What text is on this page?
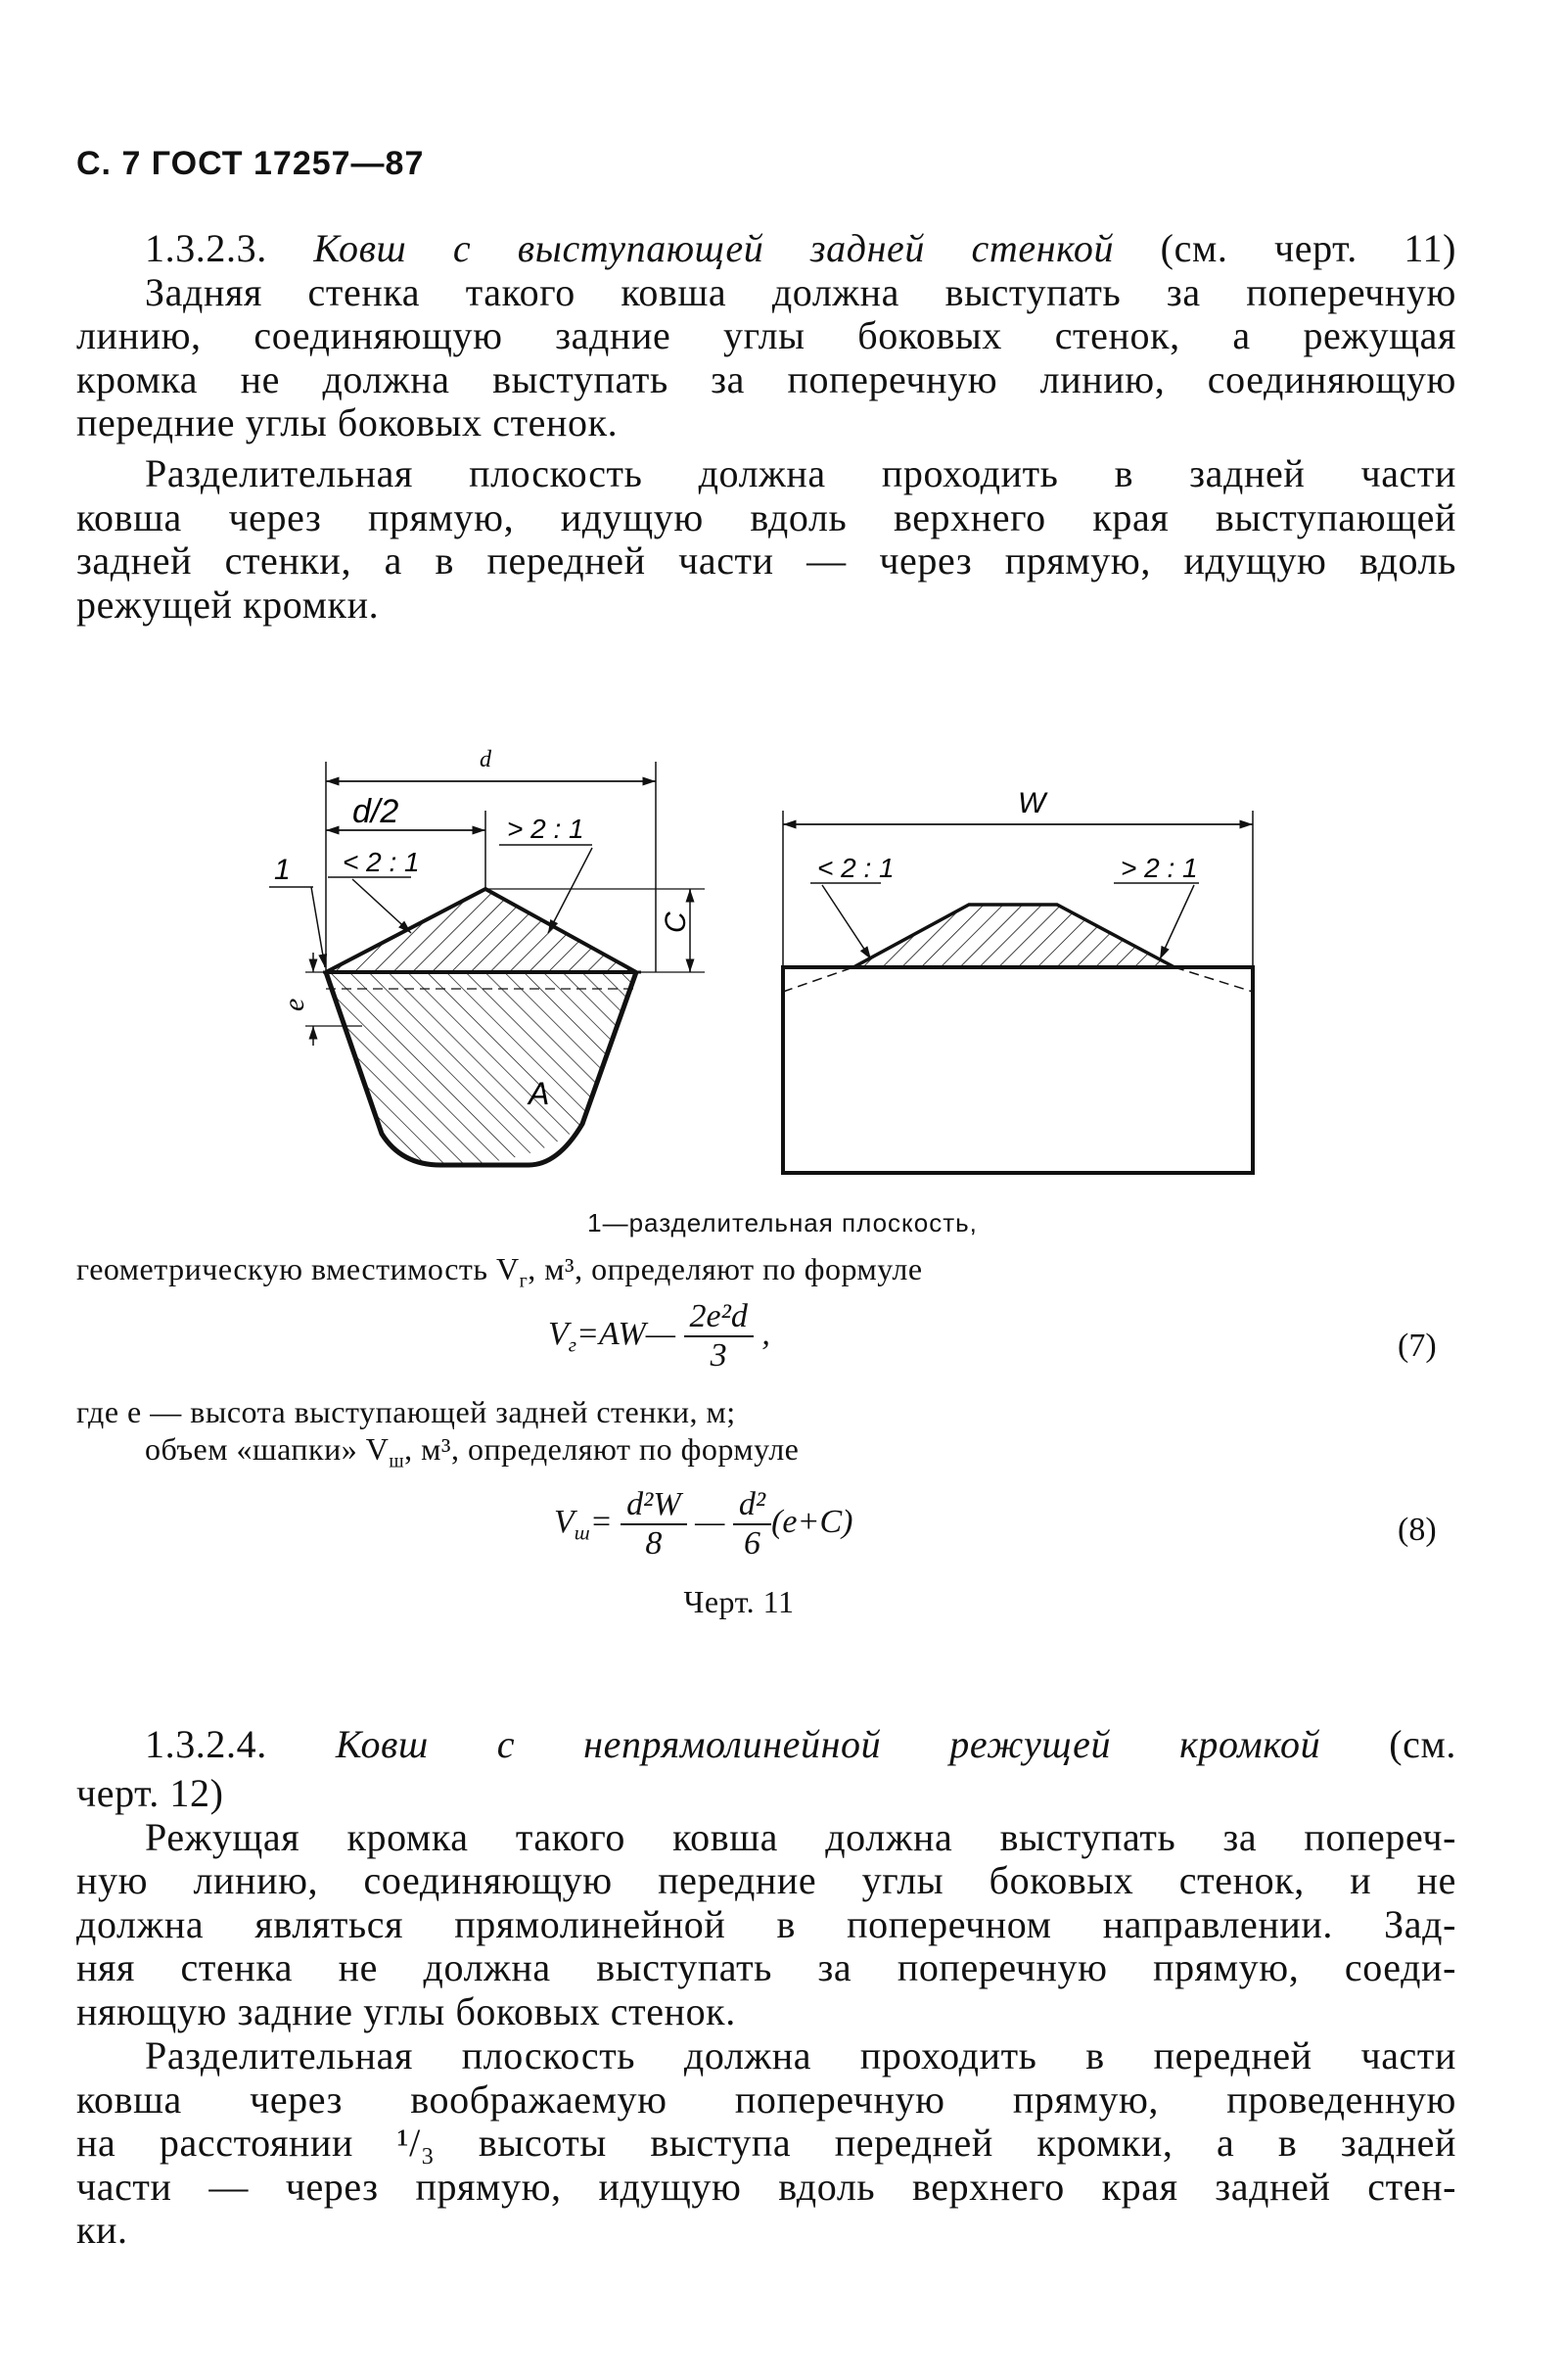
С. 7 ГОСТ 17257—87
1.3.2.3. Ковш с выступающей задней стенкой (см. черт. 11)
Задняя стенка такого ковша должна выступать за поперечную
линию, соединяющую задние углы боковых стенок, а режущая
кромка не должна выступать за поперечную линию, соединяющую
передние углы боковых стенок.
Разделительная плоскость должна проходить в задней части
ковша через прямую, идущую вдоль верхнего края выступающей
задней стенки, а в передней части — через прямую, идущую вдоль
режущей кромки.
d
d/2
< 2 : 1
> 2 : 1
1
e
C
A
W
< 2 : 1	> 2 : 1
1—разделительная плоскость,
геометрическую вместимость $V_г$, м³, определяют по формуле
$V_г=AW— \frac{\text{2e²d}}{3}$ ,	(7)
где e — высота выступающей задней стенки, м;
объем «шапки» $V_ш$, м³, определяют по формуле
$V_ш= \frac{\text{d²W}}{8}$ — $\frac{\text{d²}}{6} (e+C)$	(8)
Черт. 11
1.3.2.4. Ковш с непрямолинейной режущей кромкой (см.
черт. 12)
Режущая кромка такого ковша должна выступать за попереч-
ную линию, соединяющую передние углы боковых стенок, и не
должна являться прямолинейной в поперечном направлении. Зад-
няя стенка не должна выступать за поперечную прямую, соеди-
няющую задние углы боковых стенок.
Разделительная плоскость должна проходить в передней части
ковша через воображаемую поперечную прямую, проведенную
на расстоянии ¹/₃ высоты выступа передней кромки, а в задней
части — через прямую, идущую вдоль верхнего края задней стен-
ки.
